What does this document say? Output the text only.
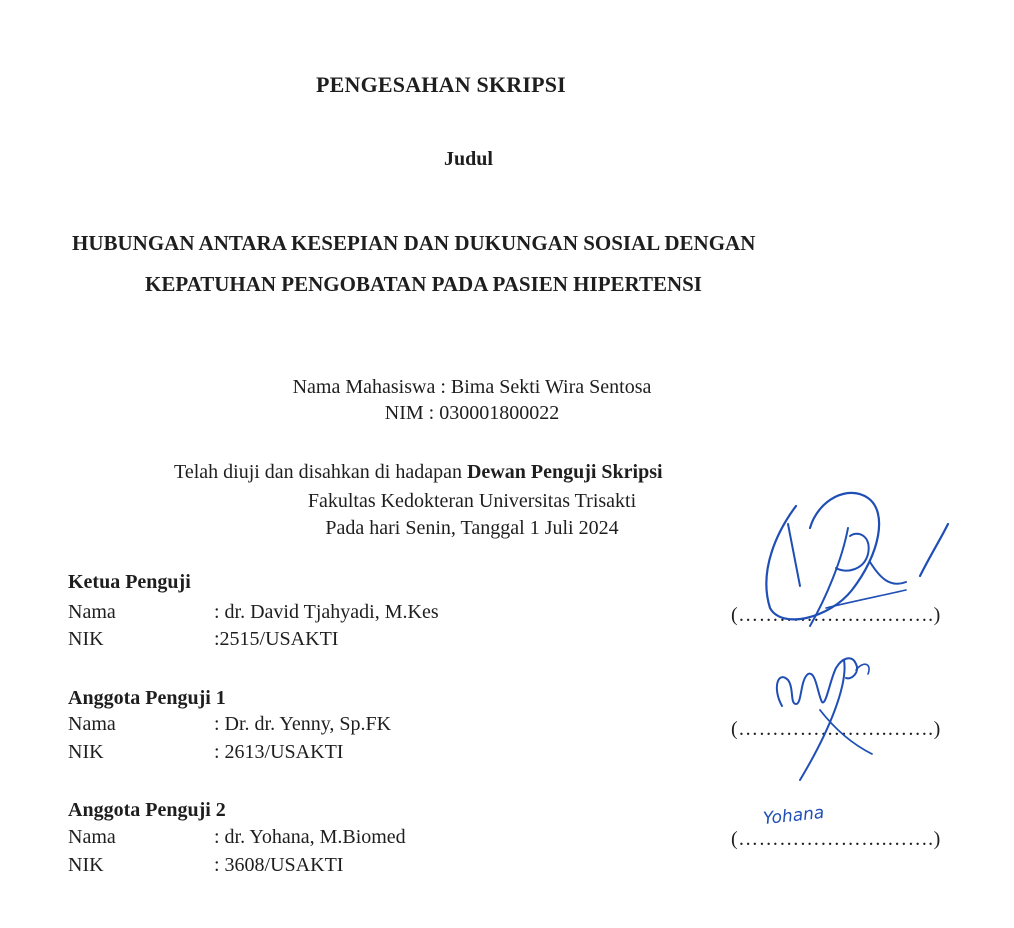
PENGESAHAN SKRIPSI
Judul
HUBUNGAN ANTARA KESEPIAN DAN DUKUNGAN SOSIAL DENGAN
KEPATUHAN PENGOBATAN PADA PASIEN HIPERTENSI
Nama Mahasiswa : Bima Sekti Wira Sentosa
NIM : 030001800022
Telah diuji dan disahkan di hadapan Dewan Penguji Skripsi
Fakultas Kedokteran Universitas Trisakti
Pada hari Senin, Tanggal 1 Juli 2024
Ketua Penguji
Nama	: dr. David Tjahyadi, M.Kes
NIK	:2515/USAKTI
(………………….…….)
Anggota Penguji 1
Nama	: Dr. dr. Yenny, Sp.FK
NIK	: 2613/USAKTI
(………………….…….)
Anggota Penguji 2
Nama	: dr. Yohana, M.Biomed
NIK	: 3608/USAKTI
(………………….…….)
Yohana
